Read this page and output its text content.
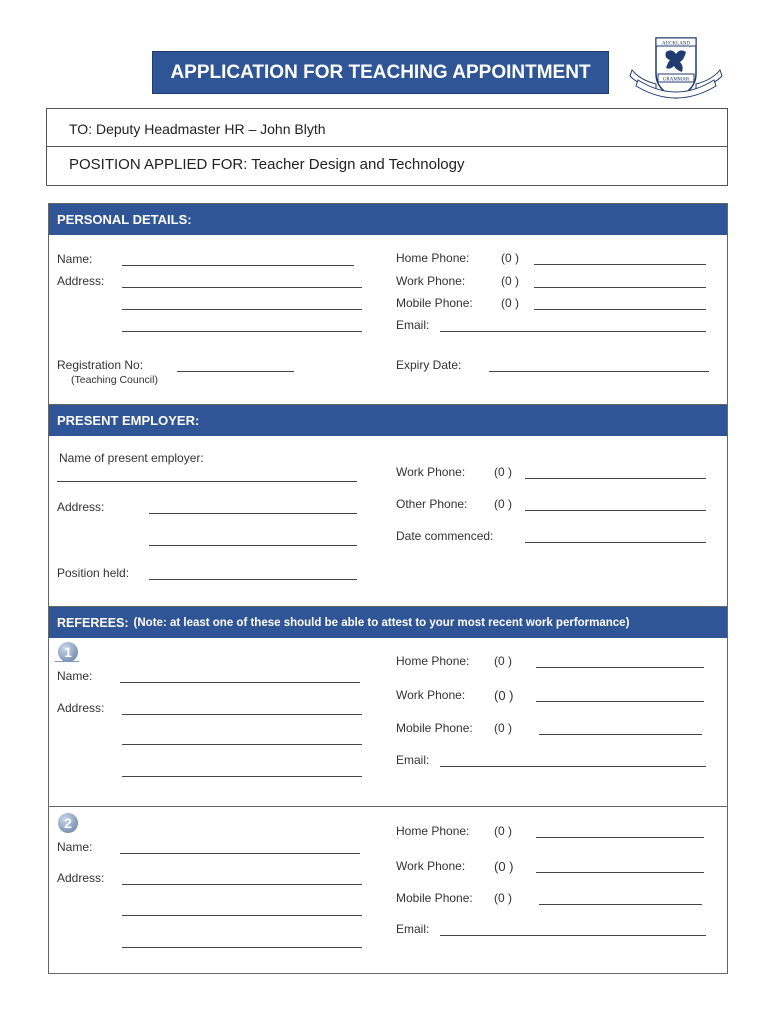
APPLICATION FOR TEACHING APPOINTMENT
AUCKLAND
GRAMMAR
TO: Deputy Headmaster HR – John Blyth
POSITION APPLIED FOR: Teacher Design and Technology
PERSONAL DETAILS:
Name:
Address:
Home Phone:	(0 )
Work Phone:	(0 )
Mobile Phone: (0 )
Email:
Registration No:
(Teaching Council)
Expiry Date:
PRESENT EMPLOYER:
Name of present employer:
Address:
Position held:
Work Phone: (0 )
Other Phone: (0 )
Date commenced:
REFEREES: (Note: at least one of these should be able to attest to your most recent work performance)
1
Name:
Address:
Home Phone: (0 )
Work Phone: (0 )
Mobile Phone: (0 )
Email:
2
Name:
Address:
Home Phone: (0 )
Work Phone: (0 )
Mobile Phone: (0 )
Email:
